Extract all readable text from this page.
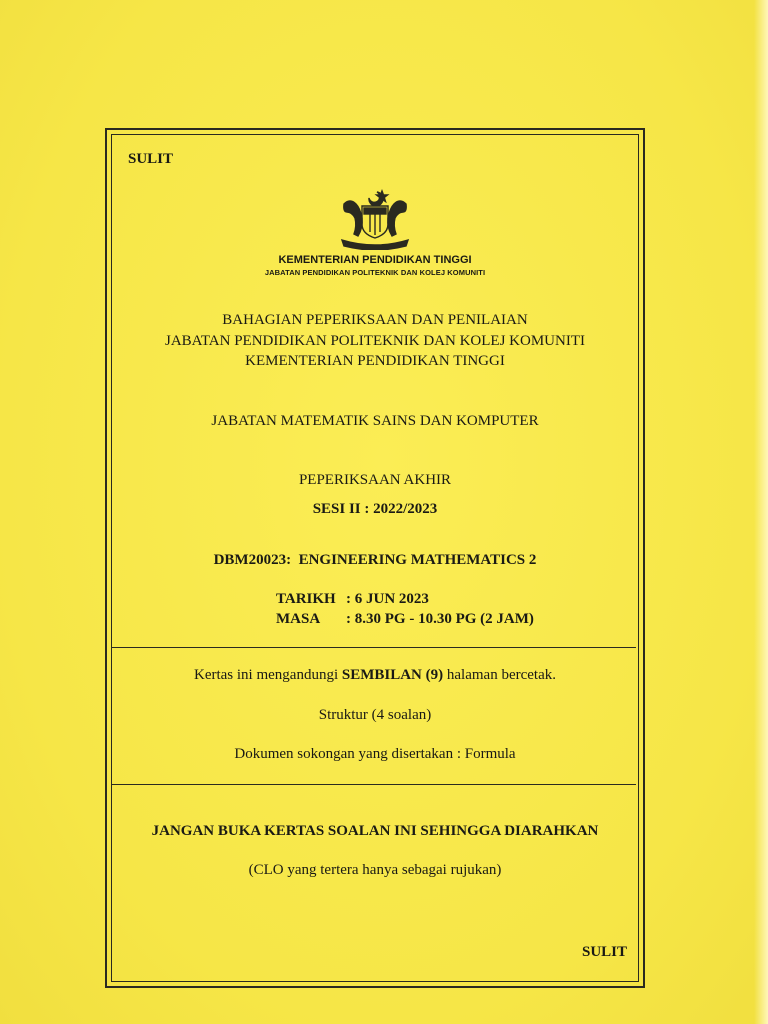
SULIT
KEMENTERIAN PENDIDIKAN TINGGI
JABATAN PENDIDIKAN POLITEKNIK DAN KOLEJ KOMUNITI
BAHAGIAN PEPERIKSAAN DAN PENILAIAN
JABATAN PENDIDIKAN POLITEKNIK DAN KOLEJ KOMUNITI
KEMENTERIAN PENDIDIKAN TINGGI
JABATAN MATEMATIK SAINS DAN KOMPUTER
PEPERIKSAAN AKHIR
SESI II : 2022/2023
DBM20023:  ENGINEERING MATHEMATICS 2
TARIKH : 6 JUN 2023
MASA : 8.30 PG - 10.30 PG (2 JAM)
Kertas ini mengandungi SEMBILAN (9) halaman bercetak.
Struktur (4 soalan)
Dokumen sokongan yang disertakan : Formula
JANGAN BUKA KERTAS SOALAN INI SEHINGGA DIARAHKAN
(CLO yang tertera hanya sebagai rujukan)
SULIT
